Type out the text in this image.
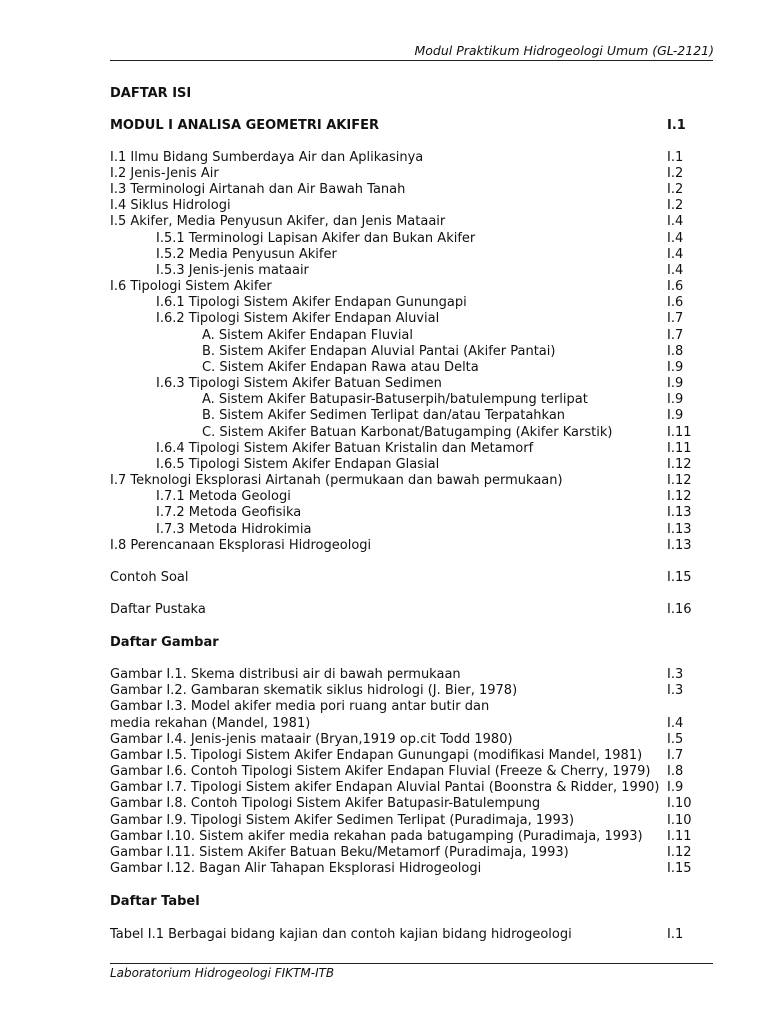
Modul Praktikum Hidrogeologi Umum (GL-2121)
DAFTAR ISI
MODUL I ANALISA GEOMETRI AKIFER	I.1
I.1 Ilmu Bidang Sumberdaya Air dan Aplikasinya	I.1
I.2 Jenis-Jenis Air	I.2
I.3 Terminologi Airtanah dan Air Bawah Tanah	I.2
I.4 Siklus Hidrologi	I.2
I.5 Akifer, Media Penyusun Akifer, dan Jenis Mataair	I.4
I.5.1 Terminologi Lapisan Akifer dan Bukan Akifer	I.4
I.5.2 Media Penyusun Akifer	I.4
I.5.3 Jenis-jenis mataair	I.4
I.6 Tipologi Sistem Akifer	I.6
I.6.1 Tipologi Sistem Akifer Endapan Gunungapi	I.6
I.6.2 Tipologi Sistem Akifer Endapan Aluvial	I.7
A. Sistem Akifer Endapan Fluvial	I.7
B. Sistem Akifer Endapan Aluvial Pantai (Akifer Pantai)	I.8
C. Sistem Akifer Endapan Rawa atau Delta	I.9
I.6.3 Tipologi Sistem Akifer Batuan Sedimen	I.9
A. Sistem Akifer Batupasir-Batuserpih/batulempung terlipat	I.9
B. Sistem Akifer Sedimen Terlipat dan/atau Terpatahkan	I.9
C. Sistem Akifer Batuan Karbonat/Batugamping (Akifer Karstik)	I.11
I.6.4 Tipologi Sistem Akifer Batuan Kristalin dan Metamorf	I.11
I.6.5 Tipologi Sistem Akifer Endapan Glasial	I.12
I.7 Teknologi Eksplorasi Airtanah (permukaan dan bawah permukaan)	I.12
I.7.1 Metoda Geologi	I.12
I.7.2 Metoda Geofisika	I.13
I.7.3 Metoda Hidrokimia	I.13
I.8 Perencanaan Eksplorasi Hidrogeologi	I.13
Contoh Soal	I.15
Daftar Pustaka	I.16
Daftar Gambar
Gambar I.1. Skema distribusi air di bawah permukaan	I.3
Gambar I.2. Gambaran skematik siklus hidrologi (J. Bier, 1978)	I.3
Gambar I.3. Model akifer media pori ruang antar butir dan
media rekahan (Mandel, 1981)	I.4
Gambar I.4. Jenis-jenis mataair (Bryan,1919 op.cit Todd 1980)	I.5
Gambar I.5. Tipologi Sistem Akifer Endapan Gunungapi (modifikasi Mandel, 1981) I.7
Gambar I.6. Contoh Tipologi Sistem Akifer Endapan Fluvial (Freeze & Cherry, 1979) I.8
Gambar I.7. Tipologi Sistem akifer Endapan Aluvial Pantai (Boonstra & Ridder, 1990) I.9
Gambar I.8. Contoh Tipologi Sistem Akifer Batupasir-Batulempung	I.10
Gambar I.9. Tipologi Sistem Akifer Sedimen Terlipat (Puradimaja, 1993)	I.10
Gambar I.10. Sistem akifer media rekahan pada batugamping (Puradimaja, 1993) I.11
Gambar I.11. Sistem Akifer Batuan Beku/Metamorf (Puradimaja, 1993)	I.12
Gambar I.12. Bagan Alir Tahapan Eksplorasi Hidrogeologi	I.15
Daftar Tabel
Tabel I.1 Berbagai bidang kajian dan contoh kajian bidang hidrogeologi	I.1
Laboratorium Hidrogeologi FIKTM-ITB
